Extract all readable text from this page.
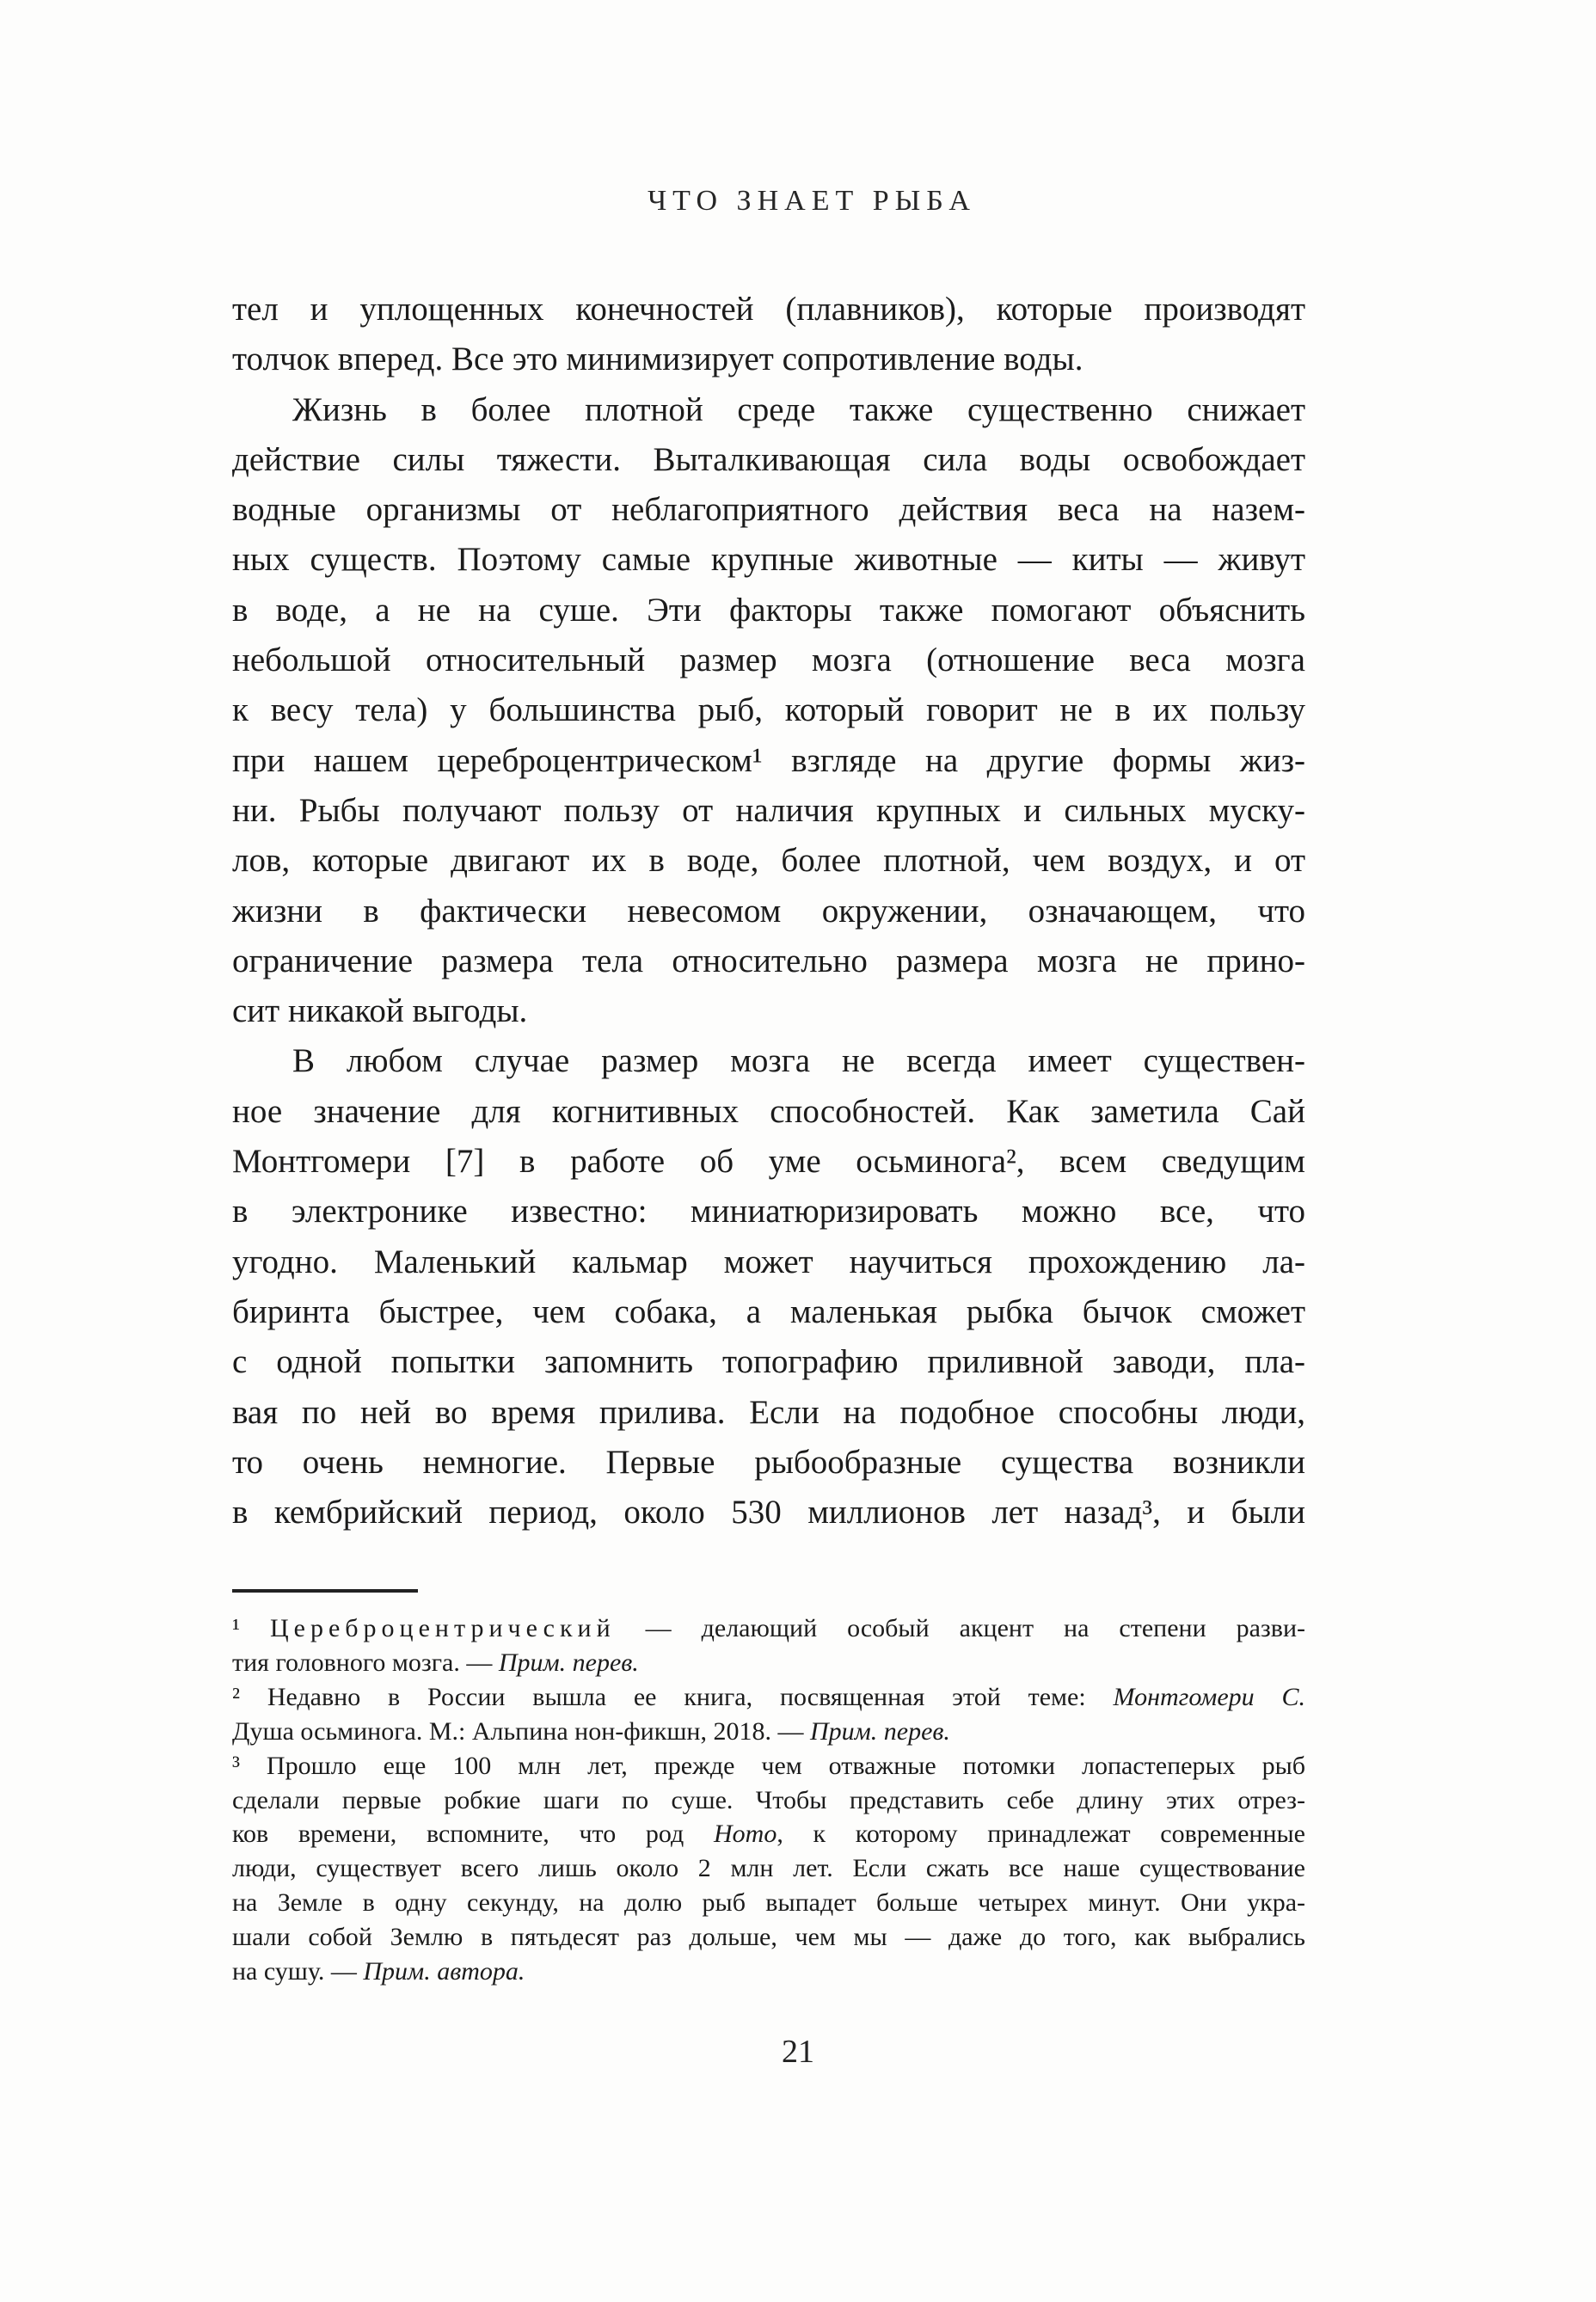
ЧТО ЗНАЕТ РЫБА
тел и уплощенных конечностей (плавников), которые производят
толчок вперед. Все это минимизирует сопротивление воды.
Жизнь в более плотной среде также существенно снижает
действие силы тяжести. Выталкивающая сила воды освобождает
водные организмы от неблагоприятного действия веса на назем-
ных существ. Поэтому самые крупные животные — киты — живут
в воде, а не на суше. Эти факторы также помогают объяснить
небольшой относительный размер мозга (отношение веса мозга
к весу тела) у большинства рыб, который говорит не в их пользу
при нашем цереброцентрическом¹ взгляде на другие формы жиз-
ни. Рыбы получают пользу от наличия крупных и сильных муску-
лов, которые двигают их в воде, более плотной, чем воздух, и от
жизни в фактически невесомом окружении, означающем, что
ограничение размера тела относительно размера мозга не прино-
сит никакой выгоды.
В любом случае размер мозга не всегда имеет существен-
ное значение для когнитивных способностей. Как заметила Сай
Монтгомери [7] в работе об уме осьминога², всем сведущим
в электронике известно: миниатюризировать можно все, что
угодно. Маленький кальмар может научиться прохождению ла-
биринта быстрее, чем собака, а маленькая рыбка бычок сможет
с одной попытки запомнить топографию приливной заводи, пла-
вая по ней во время прилива. Если на подобное способны люди,
то очень немногие. Первые рыбообразные существа возникли
в кембрийский период, около 530 миллионов лет назад³, и были
¹ Цереброцентрический — делающий особый акцент на степени разви-
тия головного мозга. — Прим. перев.
² Недавно в России вышла ее книга, посвященная этой теме: Монтгомери С.
Душа осьминога. М.: Альпина нон-фикшн, 2018. — Прим. перев.
³ Прошло еще 100 млн лет, прежде чем отважные потомки лопастеперых рыб
сделали первые робкие шаги по суше. Чтобы представить себе длину этих отрез-
ков времени, вспомните, что род Homo, к которому принадлежат современные
люди, существует всего лишь около 2 млн лет. Если сжать все наше существование
на Земле в одну секунду, на долю рыб выпадет больше четырех минут. Они укра-
шали собой Землю в пятьдесят раз дольше, чем мы — даже до того, как выбрались
на сушу. — Прим. автора.
21
